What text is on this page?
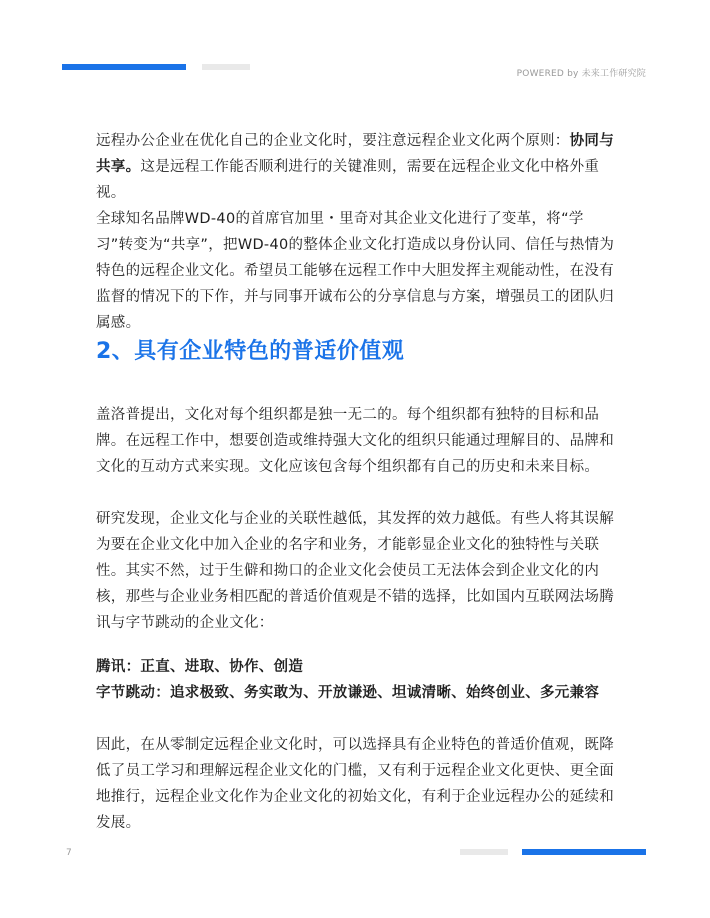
POWERED by 未来工作研究院

远程办公企业在优化自己的企业文化时，要注意远程企业文化两个原则：协同与共享。这是远程工作能否顺利进行的关键准则，需要在远程企业文化中格外重视。

全球知名品牌WD-40的首席官加里・里奇对其企业文化进行了变革，将“学习”转变为“共享”，把WD-40的整体企业文化打造成以身份认同、信任与热情为特色的远程企业文化。希望员工能够在远程工作中大胆发挥主观能动性，在没有监督的情况下的下作，并与同事开诚布公的分享信息与方案，增强员工的团队归属感。

2、具有企业特色的普适价值观

盖洛普提出，文化对每个组织都是独一无二的。每个组织都有独特的目标和品牌。在远程工作中，想要创造或维持强大文化的组织只能通过理解目的、品牌和文化的互动方式来实现。文化应该包含每个组织都有自己的历史和未来目标。

研究发现，企业文化与企业的关联性越低，其发挥的效力越低。有些人将其误解为要在企业文化中加入企业的名字和业务，才能彰显企业文化的独特性与关联性。其实不然，过于生僻和拗口的企业文化会使员工无法体会到企业文化的内核，那些与企业业务相匹配的普适价值观是不错的选择，比如国内互联网法场腾讯与字节跳动的企业文化：

腾讯：正直、进取、协作、创造

字节跳动：追求极致、务实敢为、开放谦逊、坦诚清晰、始终创业、多元兼容

因此，在从零制定远程企业文化时，可以选择具有企业特色的普适价值观，既降低了员工学习和理解远程企业文化的门槛，又有利于远程企业文化更快、更全面地推行，远程企业文化作为企业文化的初始文化，有利于企业远程办公的延续和发展。

7
